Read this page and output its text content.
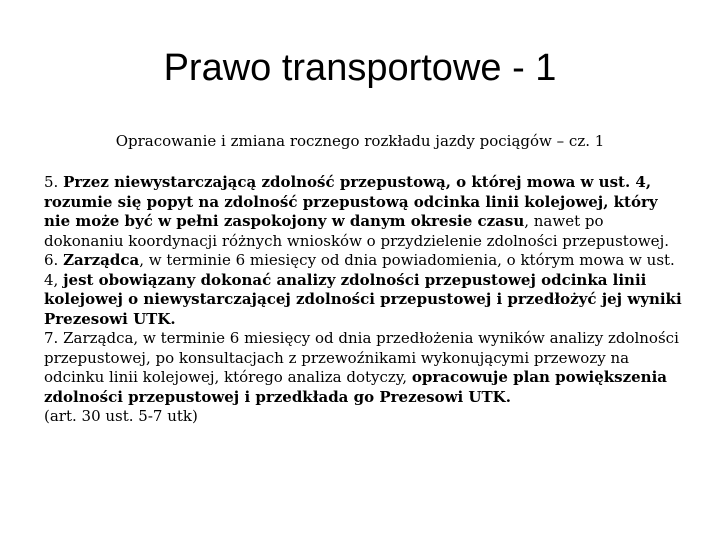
Prawo transportowe - 1

Opracowanie i zmiana rocznego rozkładu jazdy pociągów – cz. 1

5. Przez niewystarczającą zdolność przepustową, o której mowa w ust. 4, rozumie się popyt na zdolność przepustową odcinka linii kolejowej, który nie może być w pełni zaspokojony w danym okresie czasu, nawet po dokonaniu koordynacji różnych wniosków o przydzielenie zdolności przepustowej.

6. Zarządca, w terminie 6 miesięcy od dnia powiadomienia, o którym mowa w ust. 4, jest obowiązany dokonać analizy zdolności przepustowej odcinka linii kolejowej o niewystarczającej zdolności przepustowej i przedłożyć jej wyniki Prezesowi UTK.

7. Zarządca, w terminie 6 miesięcy od dnia przedłożenia wyników analizy zdolności przepustowej, po konsultacjach z przewoźnikami wykonującymi przewozy na odcinku linii kolejowej, którego analiza dotyczy, opracowuje plan powiększenia zdolności przepustowej i przedkłada go Prezesowi UTK.

(art. 30 ust. 5-7 utk)
